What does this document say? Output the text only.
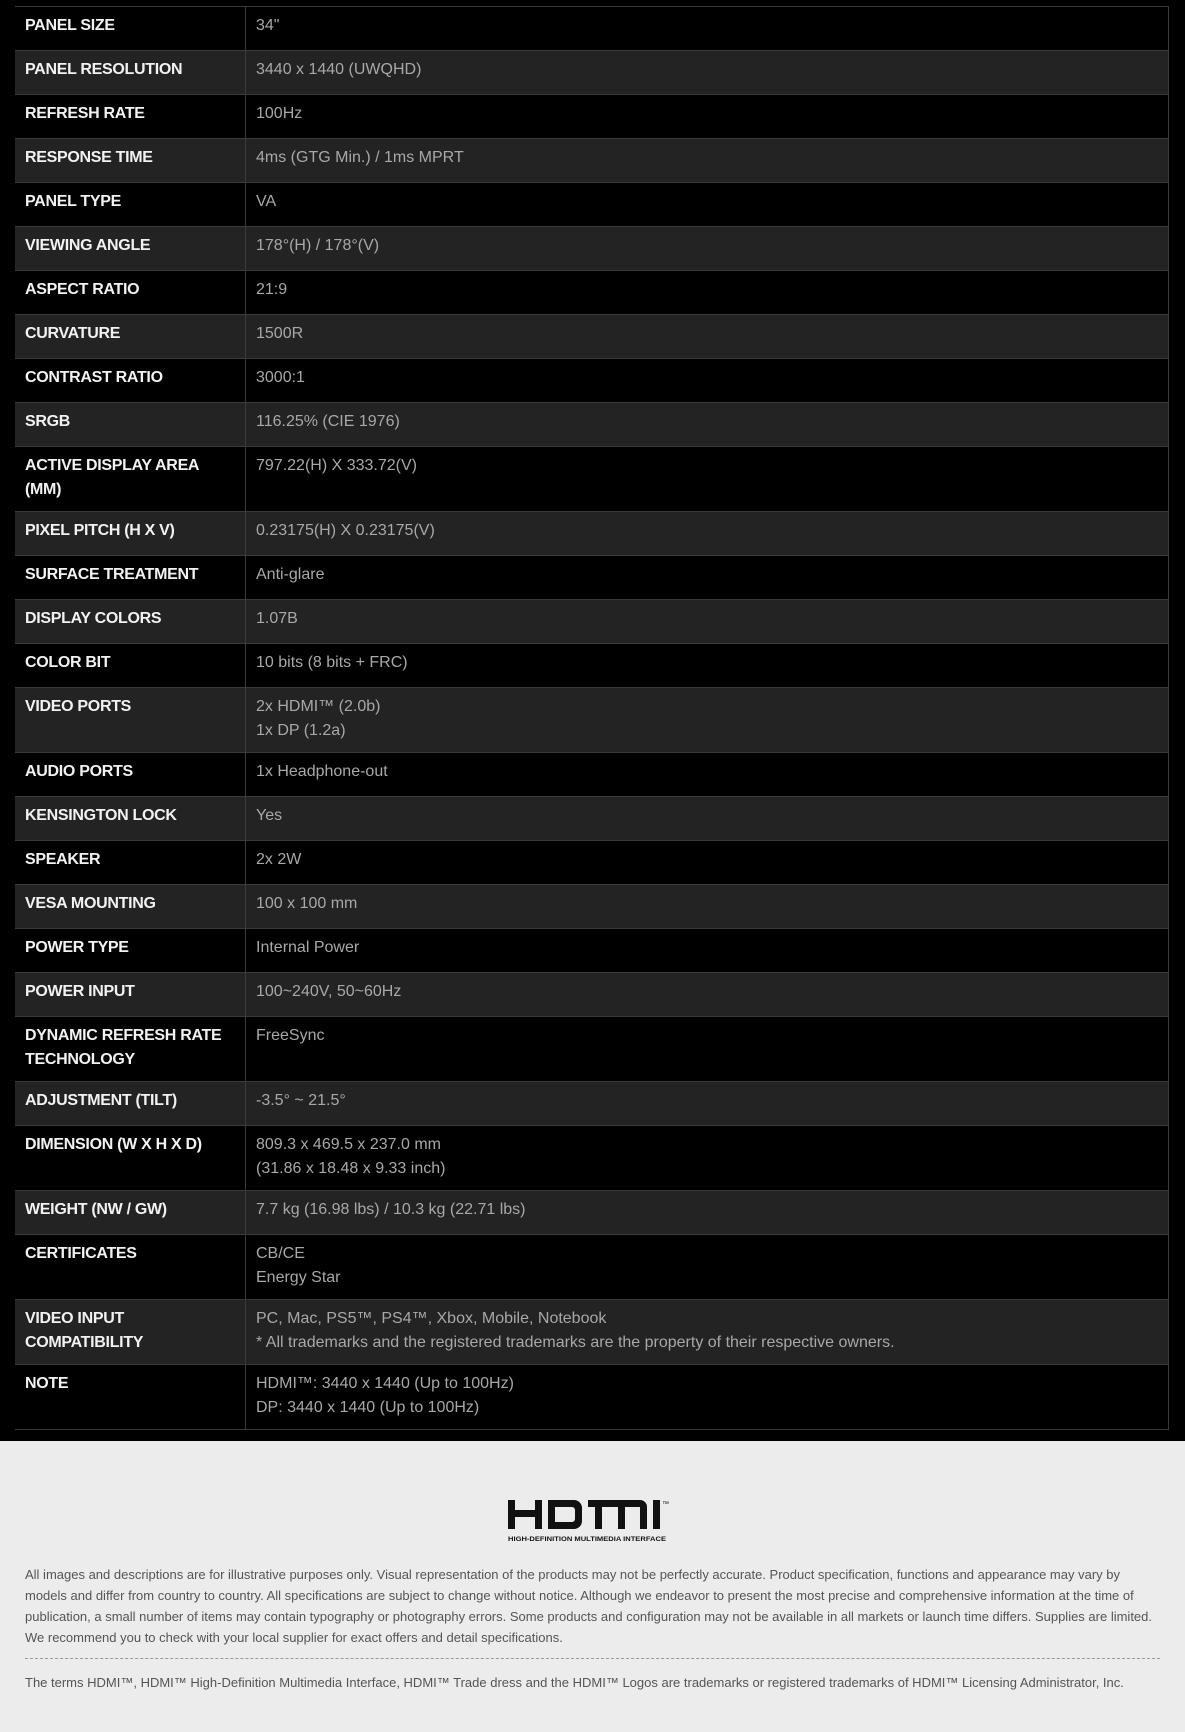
PANEL SIZE	34"

PANEL RESOLUTION	3440 x 1440 (UWQHD)

REFRESH RATE	100Hz

RESPONSE TIME	4ms (GTG Min.) / 1ms MPRT

PANEL TYPE	VA

VIEWING ANGLE	178°(H) / 178°(V)

ASPECT RATIO	21:9

CURVATURE	1500R

CONTRAST RATIO	3000:1

SRGB	116.25% (CIE 1976)

ACTIVE DISPLAY AREA (MM)	797.22(H) X 333.72(V)

PIXEL PITCH (H X V)	0.23175(H) X 0.23175(V)

SURFACE TREATMENT	Anti-glare

DISPLAY COLORS	1.07B

COLOR BIT	10 bits (8 bits + FRC)

VIDEO PORTS	2x HDMI™ (2.0b)
1x DP (1.2a)

AUDIO PORTS	1x Headphone-out

KENSINGTON LOCK	Yes

SPEAKER	2x 2W

VESA MOUNTING	100 x 100 mm

POWER TYPE	Internal Power

POWER INPUT	100~240V, 50~60Hz

DYNAMIC REFRESH RATE TECHNOLOGY	FreeSync

ADJUSTMENT (TILT)	-3.5° ~ 21.5°

DIMENSION (W X H X D)	809.3 x 469.5 x 237.0 mm
(31.86 x 18.48 x 9.33 inch)

WEIGHT (NW / GW)	7.7 kg (16.98 lbs) / 10.3 kg (22.71 lbs)

CERTIFICATES	CB/CE
Energy Star

VIDEO INPUT COMPATIBILITY	PC, Mac, PS5™, PS4™, Xbox, Mobile, Notebook
* All trademarks and the registered trademarks are the property of their respective owners.

NOTE	HDMI™: 3440 x 1440 (Up to 100Hz)
DP: 3440 x 1440 (Up to 100Hz)
™
HIGH-DEFINITION MULTIMEDIA INTERFACE

All images and descriptions are for illustrative purposes only. Visual representation of the products may not be perfectly accurate. Product specification, functions and appearance may vary by models and differ from country to country. All specifications are subject to change without notice. Although we endeavor to present the most precise and comprehensive information at the time of publication, a small number of items may contain typography or photography errors. Some products and configuration may not be available in all markets or launch time differs. Supplies are limited. We recommend you to check with your local supplier for exact offers and detail specifications.

The terms HDMI™, HDMI™ High-Definition Multimedia Interface, HDMI™ Trade dress and the HDMI™ Logos are trademarks or registered trademarks of HDMI™ Licensing Administrator, Inc.
